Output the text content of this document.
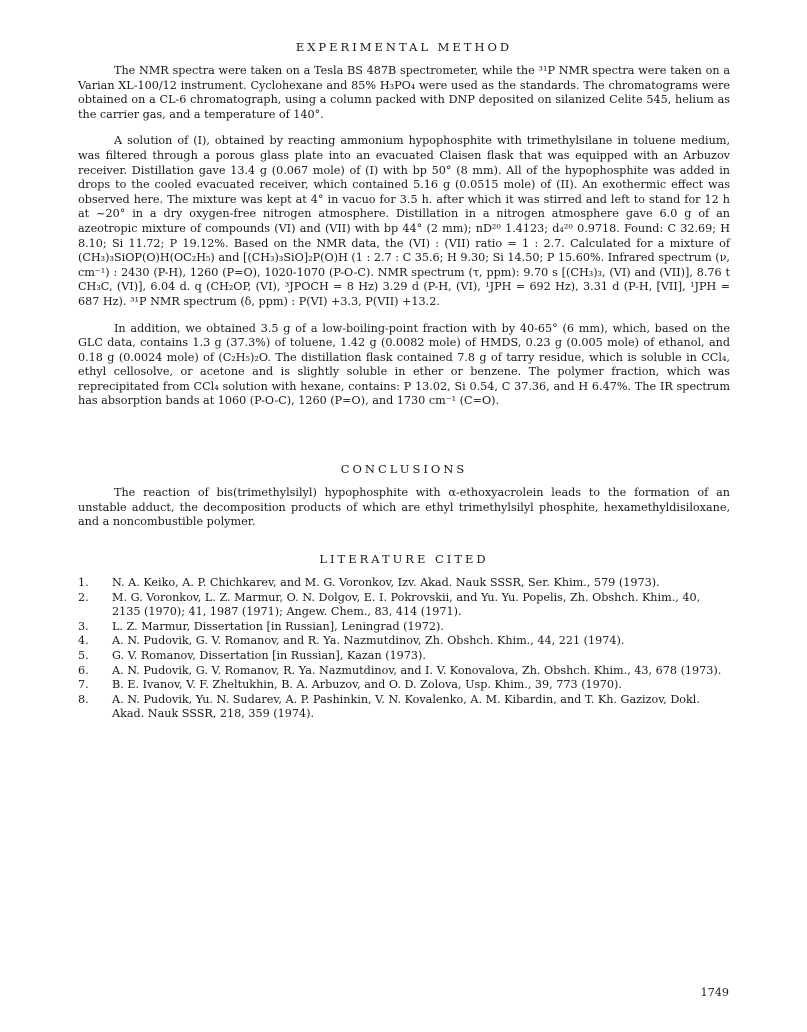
EXPERIMENTAL METHOD

The NMR spectra were taken on a Tesla BS 487B spectrometer, while the ³¹P NMR spectra were taken on a Varian XL-100/12 instrument. Cyclohexane and 85% H₃PO₄ were used as the standards. The chromatograms were obtained on a CL-6 chromatograph, using a column packed with DNP deposited on silanized Celite 545, helium as the carrier gas, and a temperature of 140°.

A solution of (I), obtained by reacting ammonium hypophosphite with trimethylsilane in toluene medium, was filtered through a porous glass plate into an evacuated Claisen flask that was equipped with an Arbuzov receiver. Distillation gave 13.4 g (0.067 mole) of (I) with bp 50° (8 mm). All of the hypophosphite was added in drops to the cooled evacuated receiver, which contained 5.16 g (0.0515 mole) of (II). An exothermic effect was observed here. The mixture was kept at 4° in vacuo for 3.5 h. after which it was stirred and left to stand for 12 h at ~20° in a dry oxygen-free nitrogen atmosphere. Distillation in a nitrogen atmosphere gave 6.0 g of an azeotropic mixture of compounds (VI) and (VII) with bp 44° (2 mm); nD²⁰ 1.4123; d₄²⁰ 0.9718. Found: C 32.69; H 8.10; Si 11.72; P 19.12%. Based on the NMR data, the (VI) : (VII) ratio = 1 : 2.7. Calculated for a mixture of (CH₃)₃SiOP(O)H(OC₂H₅) and [(CH₃)₃SiO]₂P(O)H (1 : 2.7 : C 35.6; H 9.30; Si 14.50; P 15.60%. Infrared spectrum (ν, cm⁻¹) : 2430 (P-H), 1260 (P=O), 1020-1070 (P-O-C). NMR spectrum (τ, ppm): 9.70 s [(CH₃)₃, (VI) and (VII)], 8.76 t CH₃C, (VI)], 6.04 d. q (CH₂OP, (VI), ³JPOCH = 8 Hz) 3.29 d (P-H, (VI), ¹JPH = 692 Hz), 3.31 d (P-H, [VII], ¹JPH = 687 Hz). ³¹P NMR spectrum (δ, ppm) : P(VI) +3.3, P(VII) +13.2.

In addition, we obtained 3.5 g of a low-boiling-point fraction with by 40-65° (6 mm), which, based on the GLC data, contains 1.3 g (37.3%) of toluene, 1.42 g (0.0082 mole) of HMDS, 0.23 g (0.005 mole) of ethanol, and 0.18 g (0.0024 mole) of (C₂H₅)₂O. The distillation flask contained 7.8 g of tarry residue, which is soluble in CCl₄, ethyl cellosolve, or acetone and is slightly soluble in ether or benzene. The polymer fraction, which was reprecipitated from CCl₄ solution with hexane, contains: P 13.02, Si 0.54, C 37.36, and H 6.47%. The IR spectrum has absorption bands at 1060 (P-O-C), 1260 (P=O), and 1730 cm⁻¹ (C=O).

CONCLUSIONS

The reaction of bis(trimethylsilyl) hypophosphite with α-ethoxyacrolein leads to the formation of an unstable adduct, the decomposition products of which are ethyl trimethylsilyl phosphite, hexamethyldisiloxane, and a noncombustible polymer.

LITERATURE CITED
1. N. A. Keiko, A. P. Chichkarev, and M. G. Voronkov, Izv. Akad. Nauk SSSR, Ser. Khim., 579 (1973).
2. M. G. Voronkov, L. Z. Marmur, O. N. Dolgov, E. I. Pokrovskii, and Yu. Yu. Popelis, Zh. Obshch. Khim., 40, 2135 (1970); 41, 1987 (1971); Angew. Chem., 83, 414 (1971).
3. L. Z. Marmur, Dissertation [in Russian], Leningrad (1972).
4. A. N. Pudovik, G. V. Romanov, and R. Ya. Nazmutdinov, Zh. Obshch. Khim., 44, 221 (1974).
5. G. V. Romanov, Dissertation [in Russian], Kazan (1973).
6. A. N. Pudovik, G. V. Romanov, R. Ya. Nazmutdinov, and I. V. Konovalova, Zh. Obshch. Khim., 43, 678 (1973).
7. B. E. Ivanov, V. F. Zheltukhin, B. A. Arbuzov, and O. D. Zolova, Usp. Khim., 39, 773 (1970).
8. A. N. Pudovik, Yu. N. Sudarev, A. P. Pashinkin, V. N. Kovalenko, A. M. Kibardin, and T. Kh. Gazizov, Dokl. Akad. Nauk SSSR, 218, 359 (1974).
1749
